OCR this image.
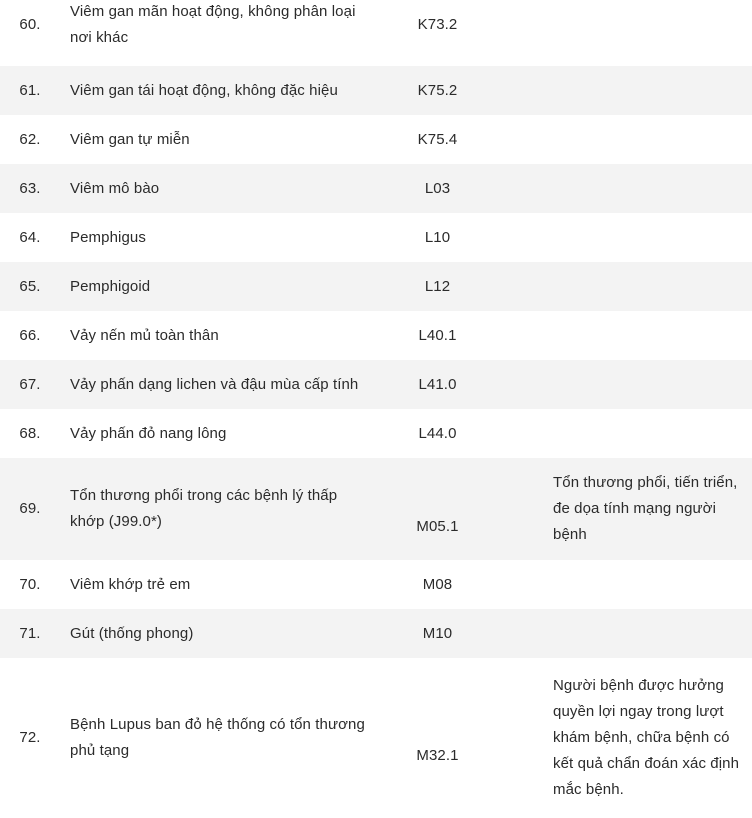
60.	Viêm gan mãn hoạt động, không phân loại nơi khác	K73.2	
61.	Viêm gan tái hoạt động, không đặc hiệu	K75.2	
62.	Viêm gan tự miễn	K75.4	
63.	Viêm mô bào	L03	
64.	Pemphigus	L10	
65.	Pemphigoid	L12	
66.	Vảy nến mủ toàn thân	L40.1	
67.	Vảy phấn dạng lichen và đậu mùa cấp tính	L41.0	
68.	Vảy phấn đỏ nang lông	L44.0	
69.	Tổn thương phổi trong các bệnh lý thấp khớp (J99.0*)	M05.1	Tổn thương phổi, tiến triển, đe dọa tính mạng người bệnh
70.	Viêm khớp trẻ em	M08	
71.	Gút (thống phong)	M10	
72.	Bệnh Lupus ban đỏ hệ thống có tổn thương phủ tạng	M32.1	Người bệnh được hưởng quyền lợi ngay trong lượt khám bệnh, chữa bệnh có kết quả chẩn đoán xác định mắc bệnh.
